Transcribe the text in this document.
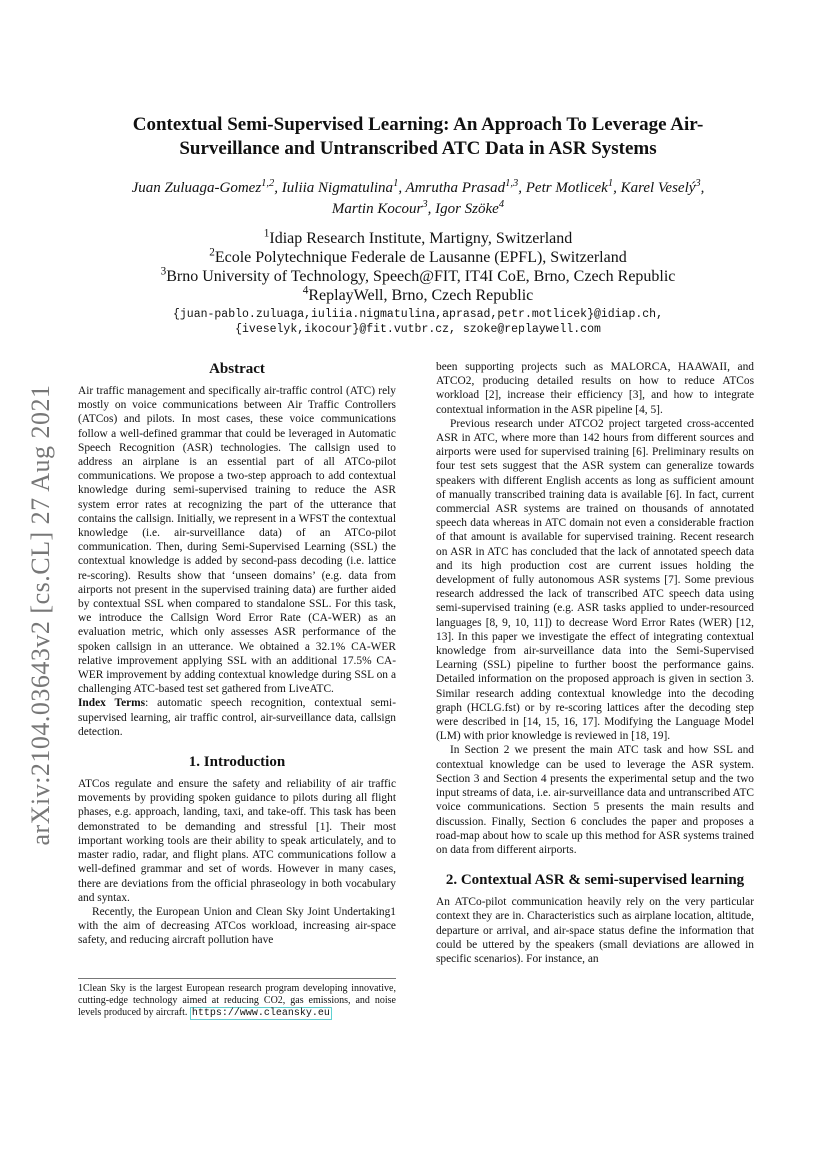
arXiv:2104.03643v2 [cs.CL] 27 Aug 2021
Contextual Semi-Supervised Learning: An Approach To Leverage Air-Surveillance and Untranscribed ATC Data in ASR Systems
Juan Zuluaga-Gomez$^{1,2}$, Iuliia Nigmatulina$^1$, Amrutha Prasad$^{1,3}$, Petr Motlicek$^1$, Karel Veselý$^3$,
Martin Kocour$^3$, Igor Szöke$^4$
$^1$Idiap Research Institute, Martigny, Switzerland
$^2$Ecole Polytechnique Federale de Lausanne (EPFL), Switzerland
$^3$Brno University of Technology, Speech@FIT, IT4I CoE, Brno, Czech Republic
$^4$ReplayWell, Brno, Czech Republic
{juan-pablo.zuluaga,iuliia.nigmatulina,aprasad,petr.motlicek}@idiap.ch,
{iveselyk,ikocour}@fit.vutbr.cz, szoke@replaywell.com
Abstract

Air traffic management and specifically air-traffic control (ATC) rely mostly on voice communications between Air Traffic Controllers (ATCos) and pilots. In most cases, these voice communications follow a well-defined grammar that could be leveraged in Automatic Speech Recognition (ASR) technologies. The callsign used to address an airplane is an essential part of all ATCo-pilot communications. We propose a two-step approach to add contextual knowledge during semi-supervised training to reduce the ASR system error rates at recognizing the part of the utterance that contains the callsign. Initially, we represent in a WFST the contextual knowledge (i.e. air-surveillance data) of an ATCo-pilot communication. Then, during Semi-Supervised Learning (SSL) the contextual knowledge is added by second-pass decoding (i.e. lattice re-scoring). Results show that ‘unseen domains’ (e.g. data from airports not present in the supervised training data) are further aided by contextual SSL when compared to standalone SSL. For this task, we introduce the Callsign Word Error Rate (CA-WER) as an evaluation metric, which only assesses ASR performance of the spoken callsign in an utterance. We obtained a 32.1% CA-WER relative improvement applying SSL with an additional 17.5% CA-WER improvement by adding contextual knowledge during SSL on a challenging ATC-based test set gathered from LiveATC.

Index Terms: automatic speech recognition, contextual semi-supervised learning, air traffic control, air-surveillance data, callsign detection.

1. Introduction

ATCos regulate and ensure the safety and reliability of air traffic movements by providing spoken guidance to pilots during all flight phases, e.g. approach, landing, taxi, and take-off. This task has been demonstrated to be demanding and stressful [1]. Their most important working tools are their ability to speak articulately, and to master radio, radar, and flight plans. ATC communications follow a well-defined grammar and set of words. However in many cases, there are deviations from the official phraseology in both vocabulary and syntax.

Recently, the European Union and Clean Sky Joint Undertaking1 with the aim of decreasing ATCos workload, increasing air-space safety, and reducing aircraft pollution have

been supporting projects such as MALORCA, HAAWAII, and ATCO2, producing detailed results on how to reduce ATCos workload [2], increase their efficiency [3], and how to integrate contextual information in the ASR pipeline [4, 5].

Previous research under ATCO2 project targeted cross-accented ASR in ATC, where more than 142 hours from different sources and airports were used for supervised training [6]. Preliminary results on four test sets suggest that the ASR system can generalize towards speakers with different English accents as long as sufficient amount of manually transcribed training data is available [6]. In fact, current commercial ASR systems are trained on thousands of annotated speech data whereas in ATC domain not even a considerable fraction of that amount is available for supervised training. Recent research on ASR in ATC has concluded that the lack of annotated speech data and its high production cost are current issues holding the development of fully autonomous ASR systems [7]. Some previous research addressed the lack of transcribed ATC speech data using semi-supervised training (e.g. ASR tasks applied to under-resourced languages [8, 9, 10, 11]) to decrease Word Error Rates (WER) [12, 13]. In this paper we investigate the effect of integrating contextual knowledge from air-surveillance data into the Semi-Supervised Learning (SSL) pipeline to further boost the performance gains. Detailed information on the proposed approach is given in section 3. Similar research adding contextual knowledge into the decoding graph (HCLG.fst) or by re-scoring lattices after the decoding step were described in [14, 15, 16, 17]. Modifying the Language Model (LM) with prior knowledge is reviewed in [18, 19].

In Section 2 we present the main ATC task and how SSL and contextual knowledge can be used to leverage the ASR system. Section 3 and Section 4 presents the experimental setup and the two input streams of data, i.e. air-surveillance data and untranscribed ATC voice communications. Section 5 presents the main results and discussion. Finally, Section 6 concludes the paper and proposes a road-map about how to scale up this method for ASR systems trained on data from different airports.

2. Contextual ASR & semi-supervised learning

An ATCo-pilot communication heavily rely on the very particular context they are in. Characteristics such as airplane location, altitude, departure or arrival, and air-space status define the information that could be uttered by the speakers (small deviations are allowed in specific scenarios). For instance, an

1Clean Sky is the largest European research program developing innovative, cutting-edge technology aimed at reducing CO2, gas emissions, and noise levels produced by aircraft. https://www.cleansky.eu
